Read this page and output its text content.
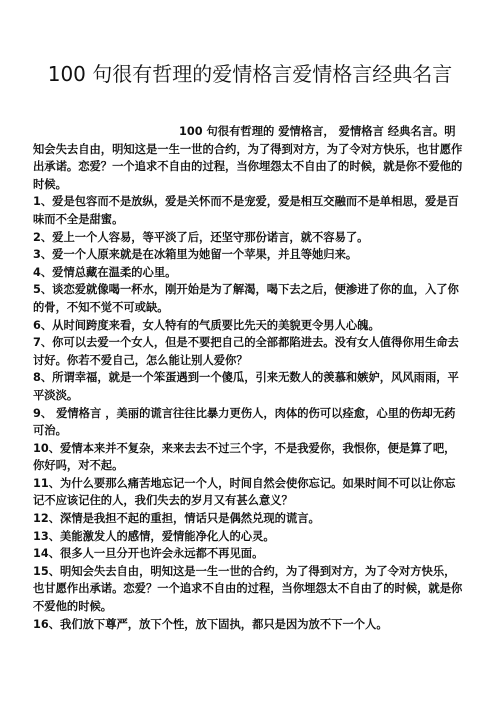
100 句很有哲理的爱情格言爱情格言经典名言

100 句很有哲理的 爱情格言， 爱情格言 经典名言。明知会失去自由，明知这是一生一世的合约，为了得到对方，为了令对方快乐，也甘愿作出承诺。恋爱？一个追求不自由的过程，当你埋怨太不自由了的时候，就是你不爱他的时候。

1、爱是包容而不是放纵，爱是关怀而不是宠爱，爱是相互交融而不是单相思，爱是百味而不全是甜蜜。

2、爱上一个人容易，等平淡了后，还坚守那份诺言，就不容易了。

3、爱一个人原来就是在冰箱里为她留一个苹果，并且等她归来。

4、爱情总藏在温柔的心里。

5、谈恋爱就像喝一杯水，刚开始是为了解渴，喝下去之后，便渗进了你的血，入了你的骨，不知不觉不可或缺。

6、从时间跨度来看，女人特有的气质要比先天的美貌更令男人心魄。

7、你可以去爱一个女人，但是不要把自己的全部都陷进去。没有女人值得你用生命去讨好。你若不爱自己，怎么能让别人爱你？

8、所谓幸福，就是一个笨蛋遇到一个傻瓜，引来无数人的羡慕和嫉妒，风风雨雨，平平淡淡。

9、 爱情格言 ，美丽的谎言往往比暴力更伤人，肉体的伤可以痊愈，心里的伤却无药可治。

10、爱情本来并不复杂，来来去去不过三个字，不是我爱你，我恨你，便是算了吧，你好吗，对不起。

11、为什么要那么痛苦地忘记一个人，时间自然会使你忘记。如果时间不可以让你忘记不应该记住的人，我们失去的岁月又有甚么意义？

12、深情是我担不起的重担，情话只是偶然兑现的谎言。

13、美能激发人的感情，爱情能净化人的心灵。

14、很多人一旦分开也许会永远都不再见面。

15、明知会失去自由，明知这是一生一世的合约，为了得到对方，为了令对方快乐，也甘愿作出承诺。恋爱？一个追求不自由的过程，当你埋怨太不自由了的时候，就是你不爱他的时候。

16、我们放下尊严，放下个性，放下固执，都只是因为放不下一个人。
